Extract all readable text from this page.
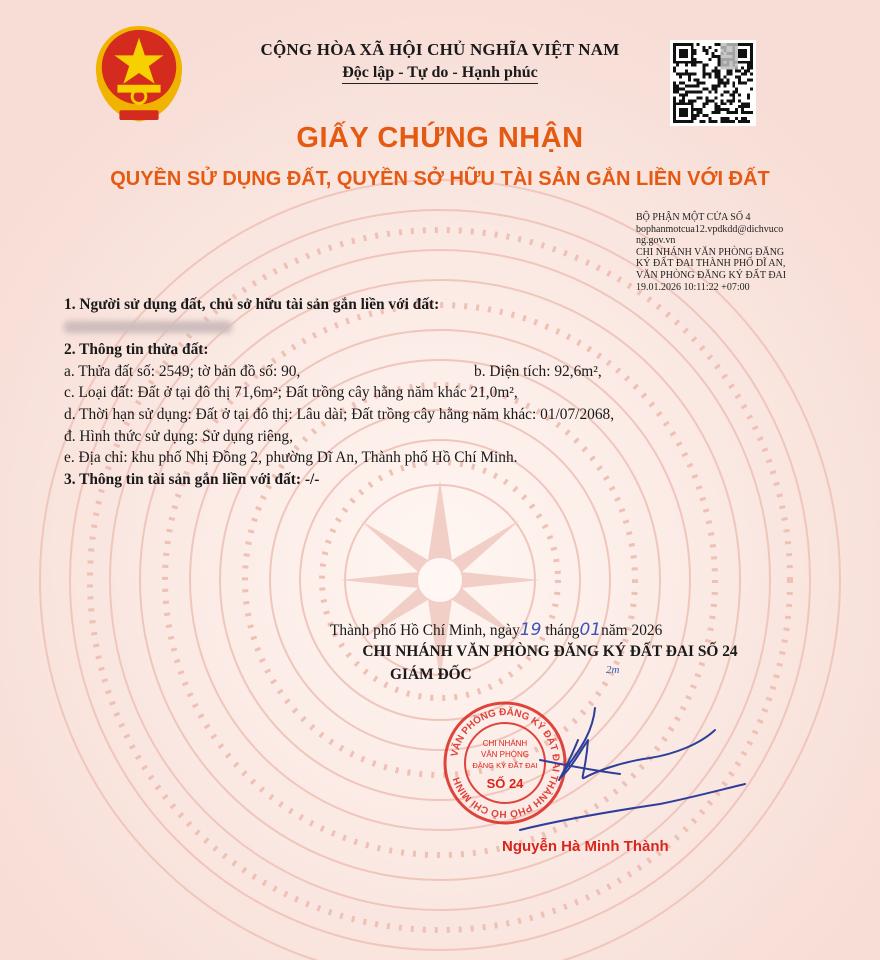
CỘNG HÒA XÃ HỘI CHỦ NGHĨA VIỆT NAM
Độc lập - Tự do - Hạnh phúc
GIẤY CHỨNG NHẬN
QUYỀN SỬ DỤNG ĐẤT, QUYỀN SỞ HỮU TÀI SẢN GẮN LIỀN VỚI ĐẤT
BỘ PHẬN MỘT CỬA SỐ 4
bophanmotcua12.vpdkdd@dichvuco
ng.gov.vn
CHI NHÁNH VĂN PHÒNG ĐĂNG
KÝ ĐẤT ĐAI THÀNH PHỐ DĨ AN,
VĂN PHÒNG ĐĂNG KÝ ĐẤT ĐAI
19.01.2026 10:11:22 +07:00
1. Người sử dụng đất, chủ sở hữu tài sản gắn liền với đất:
2. Thông tin thửa đất:
a. Thửa đất số: 2549; tờ bản đồ số: 90,	b. Diện tích: 92,6m²,
c. Loại đất: Đất ở tại đô thị 71,6m²; Đất trồng cây hằng năm khác 21,0m²,
d. Thời hạn sử dụng: Đất ở tại đô thị: Lâu dài; Đất trồng cây hằng năm khác: 01/07/2068,
đ. Hình thức sử dụng: Sử dụng riêng,
e. Địa chỉ: khu phố Nhị Đồng 2, phường Dĩ An, Thành phố Hồ Chí Minh.
3. Thông tin tài sản gắn liền với đất: -/-
Thành phố Hồ Chí Minh, ngày19 tháng01năm 2026
CHI NHÁNH VĂN PHÒNG ĐĂNG KÝ ĐẤT ĐAI SỐ 24
GIÁM ĐỐC	2m
VĂN PHÒNG ĐĂNG KÝ ĐẤT ĐAI THÀNH PHỐ HỒ CHÍ MINH
CHI NHÁNH
VĂN PHÒNG
ĐĂNG KÝ ĐẤT ĐAI
SỐ 24
Nguyễn Hà Minh Thành
